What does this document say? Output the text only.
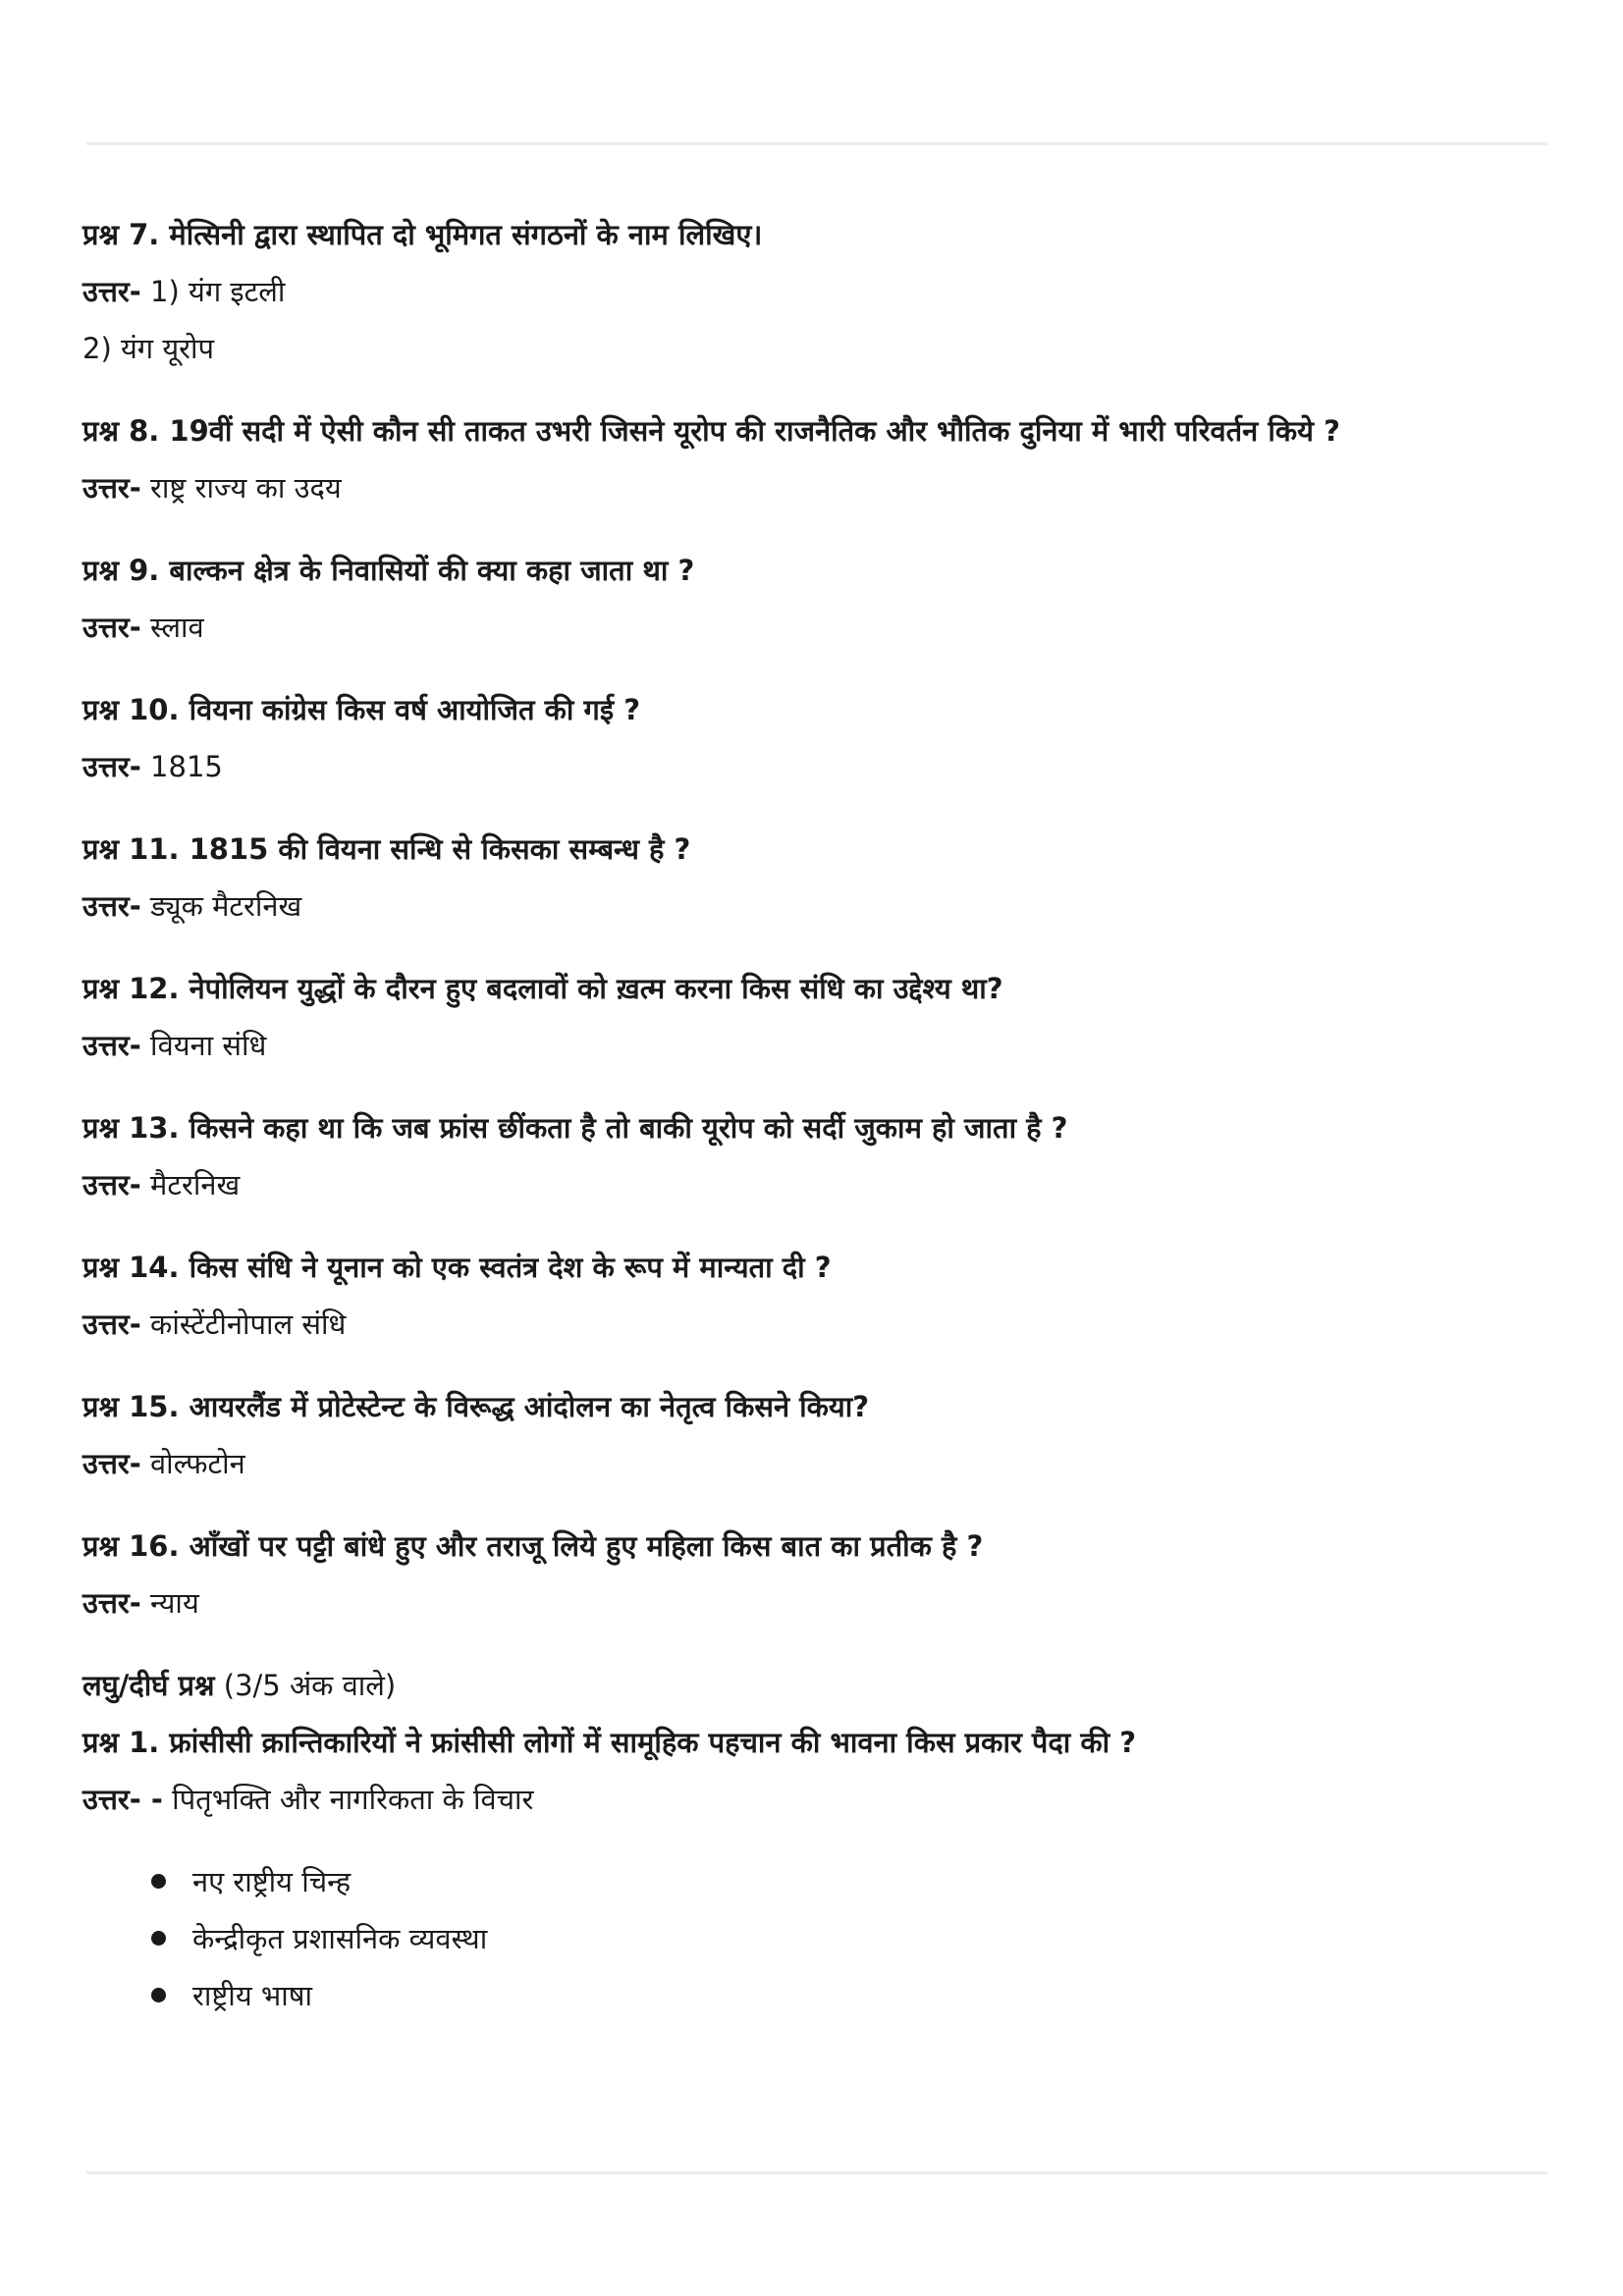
प्रश्न 7. मेत्सिनी द्वारा स्थापित दो भूमिगत संगठनों के नाम लिखिए।
उत्तर- 1) यंग इटली
2) यंग यूरोप
प्रश्न 8. 19वीं सदी में ऐसी कौन सी ताकत उभरी जिसने यूरोप की राजनैतिक और भौतिक दुनिया में भारी परिवर्तन किये ?
उत्तर- राष्ट्र राज्य का उदय
प्रश्न 9. बाल्कन क्षेत्र के निवासियों की क्या कहा जाता था ?
उत्तर- स्लाव
प्रश्न 10. वियना कांग्रेस किस वर्ष आयोजित की गई ?
उत्तर- 1815
प्रश्न 11. 1815 की वियना सन्धि से किसका सम्बन्ध है ?
उत्तर- ड्यूक मैटरनिख
प्रश्न 12. नेपोलियन युद्धों के दौरन हुए बदलावों को ख़त्म करना किस संधि का उद्देश्य था?
उत्तर- वियना संधि
प्रश्न 13. किसने कहा था कि जब फ्रांस छींकता है तो बाकी यूरोप को सर्दी जुकाम हो जाता है ?
उत्तर- मैटरनिख
प्रश्न 14. किस संधि ने यूनान को एक स्वतंत्र देश के रूप में मान्यता दी ?
उत्तर- कांस्टेंटीनोपाल संधि
प्रश्न 15. आयरलैंड में प्रोटेस्टेन्ट के विरूद्ध आंदोलन का नेतृत्व किसने किया?
उत्तर- वोल्फटोन
प्रश्न 16. आँखों पर पट्टी बांधे हुए और तराजू लिये हुए महिला किस बात का प्रतीक है ?
उत्तर- न्याय
लघु/दीर्घ प्रश्न (3/5 अंक वाले)
प्रश्न 1. फ्रांसीसी क्रान्तिकारियों ने फ्रांसीसी लोगों में सामूहिक पहचान की भावना किस प्रकार पैदा की ?
उत्तर- - पितृभक्ति और नागरिकता के विचार
नए राष्ट्रीय चिन्ह
केन्द्रीकृत प्रशासनिक व्यवस्था
राष्ट्रीय भाषा
